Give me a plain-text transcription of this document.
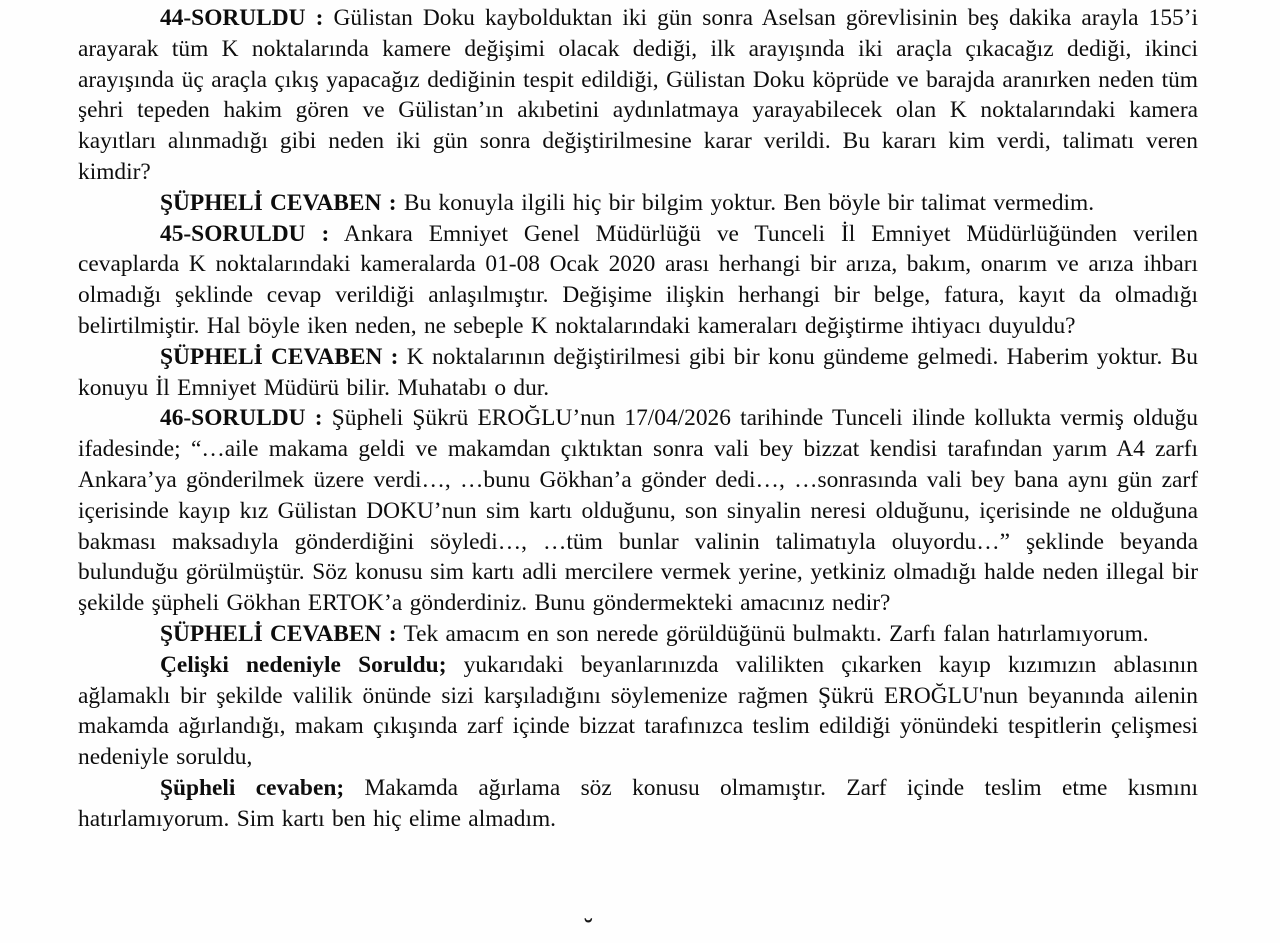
44-SORULDU : Gülistan Doku kaybolduktan iki gün sonra Aselsan görevlisinin beş dakika arayla 155’i arayarak tüm K noktalarında kamere değişimi olacak dediği, ilk arayışında iki araçla çıkacağız dediği, ikinci arayışında üç araçla çıkış yapacağız dediğinin tespit edildiği, Gülistan Doku köprüde ve barajda aranırken neden tüm şehri tepeden hakim gören ve Gülistan’ın akıbetini aydınlatmaya yarayabilecek olan K noktalarındaki kamera kayıtları alınmadığı gibi neden iki gün sonra değiştirilmesine karar verildi. Bu kararı kim verdi, talimatı veren kimdir?

ŞÜPHELİ CEVABEN : Bu konuyla ilgili hiç bir bilgim yoktur. Ben böyle bir talimat vermedim.

45-SORULDU : Ankara Emniyet Genel Müdürlüğü ve Tunceli İl Emniyet Müdürlüğünden verilen cevaplarda K noktalarındaki kameralarda 01-08 Ocak 2020 arası herhangi bir arıza, bakım, onarım ve arıza ihbarı olmadığı şeklinde cevap verildiği anlaşılmıştır. Değişime ilişkin herhangi bir belge, fatura, kayıt da olmadığı belirtilmiştir. Hal böyle iken neden, ne sebeple K noktalarındaki kameraları değiştirme ihtiyacı duyuldu?

ŞÜPHELİ CEVABEN : K noktalarının değiştirilmesi gibi bir konu gündeme gelmedi. Haberim yoktur. Bu konuyu İl Emniyet Müdürü bilir. Muhatabı o dur.

46-SORULDU : Şüpheli Şükrü EROĞLU’nun 17/04/2026 tarihinde Tunceli ilinde kollukta vermiş olduğu ifadesinde; “…aile makama geldi ve makamdan çıktıktan sonra vali bey bizzat kendisi tarafından yarım A4 zarfı Ankara’ya gönderilmek üzere verdi…, …bunu Gökhan’a gönder dedi…, …sonrasında vali bey bana aynı gün zarf içerisinde kayıp kız Gülistan DOKU’nun sim kartı olduğunu, son sinyalin neresi olduğunu, içerisinde ne olduğuna bakması maksadıyla gönderdiğini söyledi…, …tüm bunlar valinin talimatıyla oluyordu…” şeklinde beyanda bulunduğu görülmüştür. Söz konusu sim kartı adli mercilere vermek yerine, yetkiniz olmadığı halde neden illegal bir şekilde şüpheli Gökhan ERTOK’a gönderdiniz. Bunu göndermekteki amacınız nedir?

ŞÜPHELİ CEVABEN : Tek amacım en son nerede görüldüğünü bulmaktı. Zarfı falan hatırlamıyorum.

Çelişki nedeniyle Soruldu; yukarıdaki beyanlarınızda valilikten çıkarken kayıp kızımızın ablasının ağlamaklı bir şekilde valilik önünde sizi karşıladığını söylemenize rağmen Şükrü EROĞLU'nun beyanında ailenin makamda ağırlandığı, makam çıkışında zarf içinde bizzat tarafınızca teslim edildiği yönündeki tespitlerin çelişmesi nedeniyle soruldu,

Şüpheli cevaben; Makamda ağırlama söz konusu olmamıştır. Zarf içinde teslim etme kısmını hatırlamıyorum. Sim kartı ben hiç elime almadım.

˘
